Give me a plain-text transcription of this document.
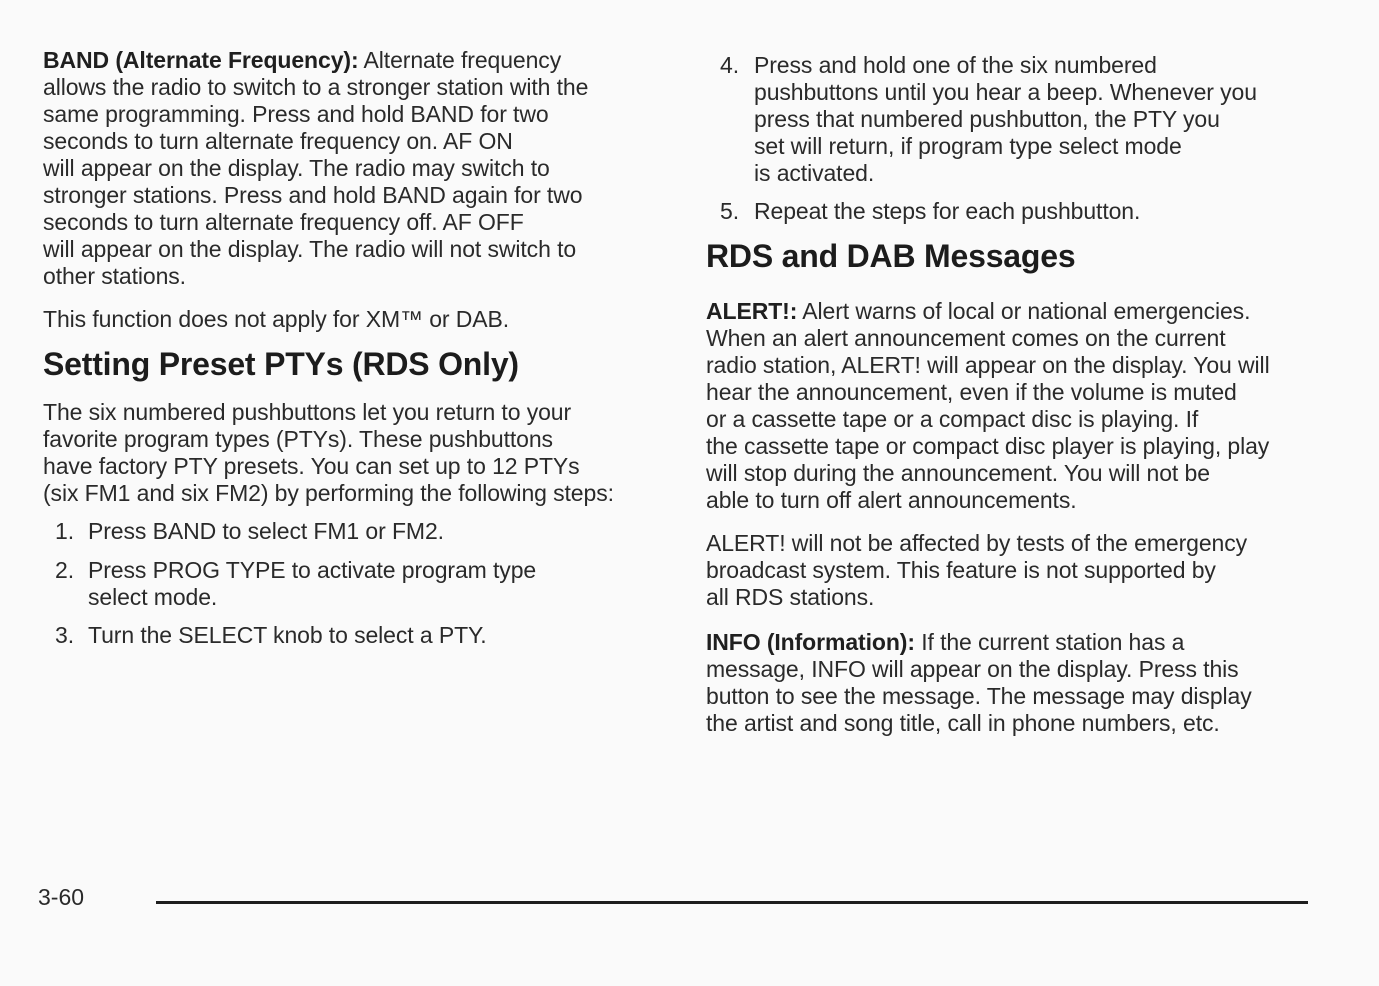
BAND (Alternate Frequency): Alternate frequency
allows the radio to switch to a stronger station with the
same programming. Press and hold BAND for two
seconds to turn alternate frequency on. AF ON
will appear on the display. The radio may switch to
stronger stations. Press and hold BAND again for two
seconds to turn alternate frequency off. AF OFF
will appear on the display. The radio will not switch to
other stations.

This function does not apply for XM™ or DAB.

Setting Preset PTYs (RDS Only)

The six numbered pushbuttons let you return to your
favorite program types (PTYs). These pushbuttons
have factory PTY presets. You can set up to 12 PTYs
(six FM1 and six FM2) by performing the following steps:

1. Press BAND to select FM1 or FM2.

2. Press PROG TYPE to activate program type
select mode.

3. Turn the SELECT knob to select a PTY.

4. Press and hold one of the six numbered
pushbuttons until you hear a beep. Whenever you
press that numbered pushbutton, the PTY you
set will return, if program type select mode
is activated.

5. Repeat the steps for each pushbutton.

RDS and DAB Messages

ALERT!: Alert warns of local or national emergencies.
When an alert announcement comes on the current
radio station, ALERT! will appear on the display. You will
hear the announcement, even if the volume is muted
or a cassette tape or a compact disc is playing. If
the cassette tape or compact disc player is playing, play
will stop during the announcement. You will not be
able to turn off alert announcements.

ALERT! will not be affected by tests of the emergency
broadcast system. This feature is not supported by
all RDS stations.

INFO (Information): If the current station has a
message, INFO will appear on the display. Press this
button to see the message. The message may display
the artist and song title, call in phone numbers, etc.

3-60
